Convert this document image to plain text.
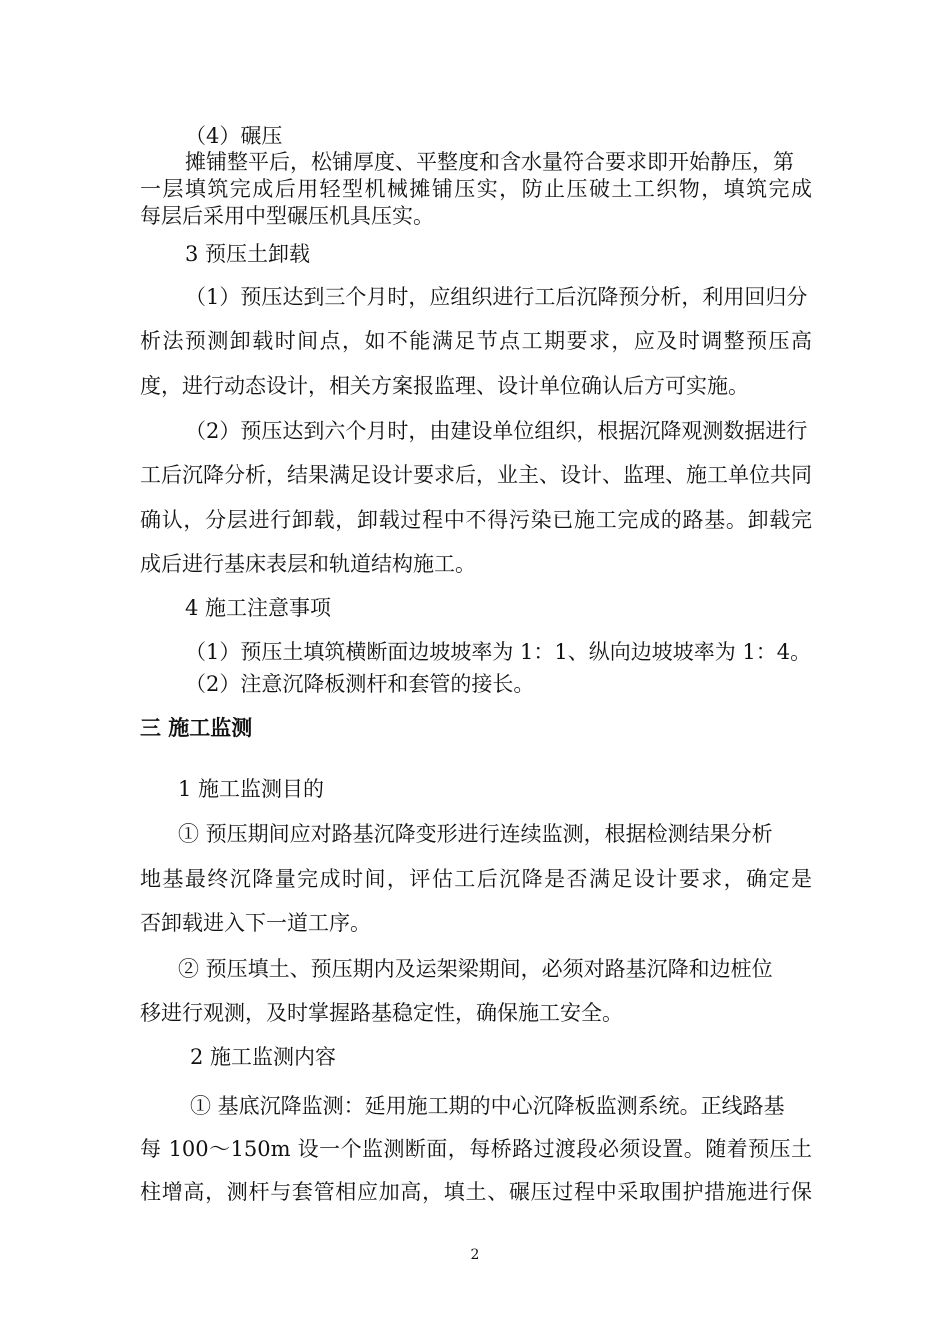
（4）碾压
摊铺整平后，松铺厚度、平整度和含水量符合要求即开始静压，第
一层填筑完成后用轻型机械摊铺压实，防止压破土工织物，填筑完成
每层后采用中型碾压机具压实。
3 预压土卸载
（1）预压达到三个月时，应组织进行工后沉降预分析，利用回归分
析法预测卸载时间点，如不能满足节点工期要求，应及时调整预压高
度，进行动态设计，相关方案报监理、设计单位确认后方可实施。
（2）预压达到六个月时，由建设单位组织，根据沉降观测数据进行
工后沉降分析，结果满足设计要求后，业主、设计、监理、施工单位共同
确认，分层进行卸载，卸载过程中不得污染已施工完成的路基。卸载完
成后进行基床表层和轨道结构施工。
4 施工注意事项
（1）预压土填筑横断面边坡坡率为 1：1、纵向边坡坡率为 1：4。
（2）注意沉降板测杆和套管的接长。
三 施工监测
1 施工监测目的
① 预压期间应对路基沉降变形进行连续监测，根据检测结果分析
地基最终沉降量完成时间，评估工后沉降是否满足设计要求，确定是
否卸载进入下一道工序。
② 预压填土、预压期内及运架梁期间，必须对路基沉降和边桩位
移进行观测，及时掌握路基稳定性，确保施工安全。
2 施工监测内容
① 基底沉降监测：延用施工期的中心沉降板监测系统。正线路基
每 100～150m 设一个监测断面，每桥路过渡段必须设置。随着预压土
柱增高，测杆与套管相应加高，填土、碾压过程中采取围护措施进行保
2
